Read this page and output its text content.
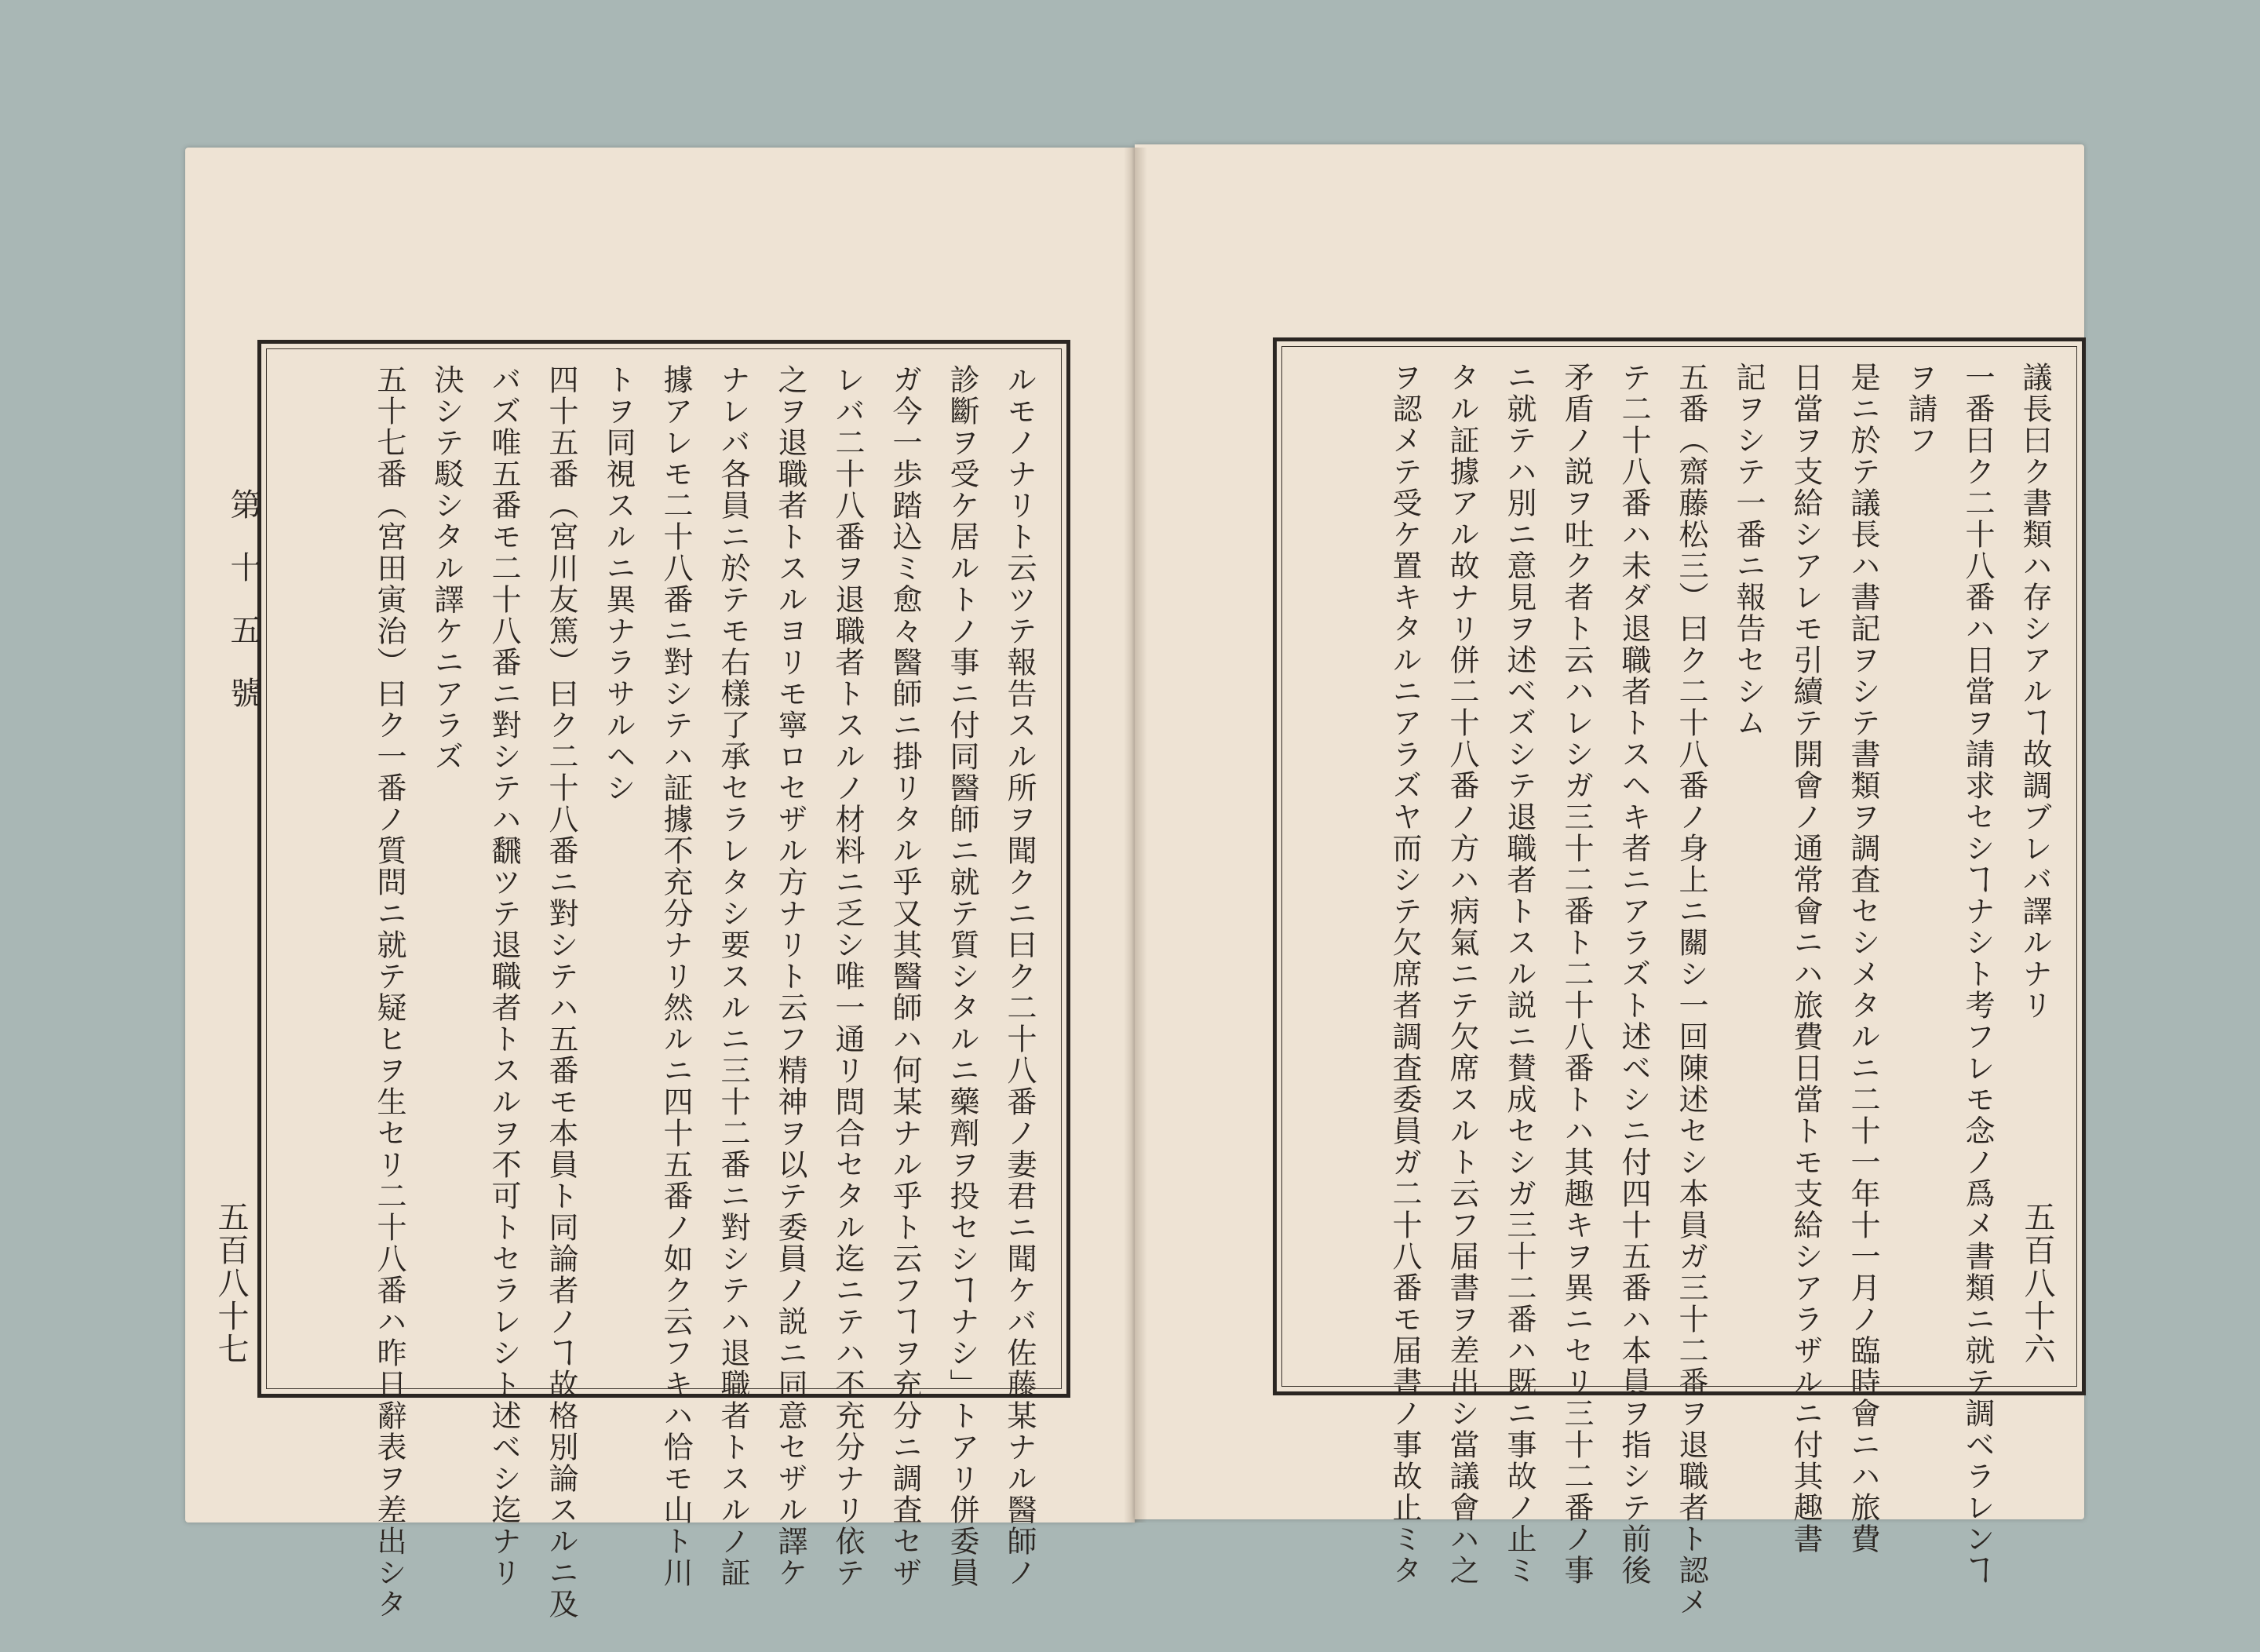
ルモノナリト云ツテ報告スル所ヲ聞クニ曰ク二十八番ノ妻君ニ聞ケバ佐藤某ナル醫師ノ
診斷ヲ受ケ居ルトノ事ニ付同醫師ニ就テ質シタルニ藥劑ヲ投セシヿナシ」トアリ併委員
ガ今一歩踏込ミ愈々醫師ニ掛リタル乎又其醫師ハ何某ナル乎ト云フヿヲ充分ニ調査セザ
レバ二十八番ヲ退職者トスルノ材料ニ乏シ唯一通リ問合セタル迄ニテハ不充分ナリ依テ
之ヲ退職者トスルヨリモ寧ロセザル方ナリト云フ精神ヲ以テ委員ノ説ニ同意セザル譯ケ
ナレバ各員ニ於テモ右樣了承セラレタシ要スルニ三十二番ニ對シテハ退職者トスルノ証
據アレモ二十八番ニ對シテハ証據不充分ナリ然ルニ四十五番ノ如ク云フキハ恰モ山ト川
トヲ同視スルニ異ナラサルヘシ
四十五番（宮川友篤）曰ク二十八番ニ對シテハ五番モ本員ト同論者ノヿ故格別論スルニ及
バズ唯五番モ二十八番ニ對シテハ飜ツテ退職者トスルヲ不可トセラレシト述ベシ迄ナリ
決シテ駁シタル譯ケニアラズ
五十七番（宮田寅治）曰ク一番ノ質問ニ就テ疑ヒヲ生セリ二十八番ハ昨日辭表ヲ差出シタ	議長曰ク書類ハ存シアルヿ故調ブレバ譯ルナリ
一番曰ク二十八番ハ日當ヲ請求セシヿナシト考フレモ念ノ爲メ書類ニ就テ調ベラレンヿ
ヲ請フ
是ニ於テ議長ハ書記ヲシテ書類ヲ調査セシメタルニ二十一年十一月ノ臨時會ニハ旅費
日當ヲ支給シアレモ引續テ開會ノ通常會ニハ旅費日當トモ支給シアラザルニ付其趣書
記ヲシテ一番ニ報告セシム
五番（齋藤松三）曰ク二十八番ノ身上ニ關シ一回陳述セシ本員ガ三十二番ヲ退職者ト認メ
テ二十八番ハ未ダ退職者トスヘキ者ニアラズト述ベシニ付四十五番ハ本員ヲ指シテ前後
矛盾ノ説ヲ吐ク者ト云ハレシガ三十二番ト二十八番トハ其趣キヲ異ニセリ三十二番ノ事
ニ就テハ別ニ意見ヲ述ベズシテ退職者トスル説ニ賛成セシガ三十二番ハ既ニ事故ノ止ミ
タル証據アル故ナリ併二十八番ノ方ハ病氣ニテ欠席スルト云フ届書ヲ差出シ當議會ハ之
ヲ認メテ受ケ置キタルニアラズヤ而シテ欠席者調査委員ガ二十八番モ届書ノ事故止ミタ
第十五號
五百八十七	五百八十六
